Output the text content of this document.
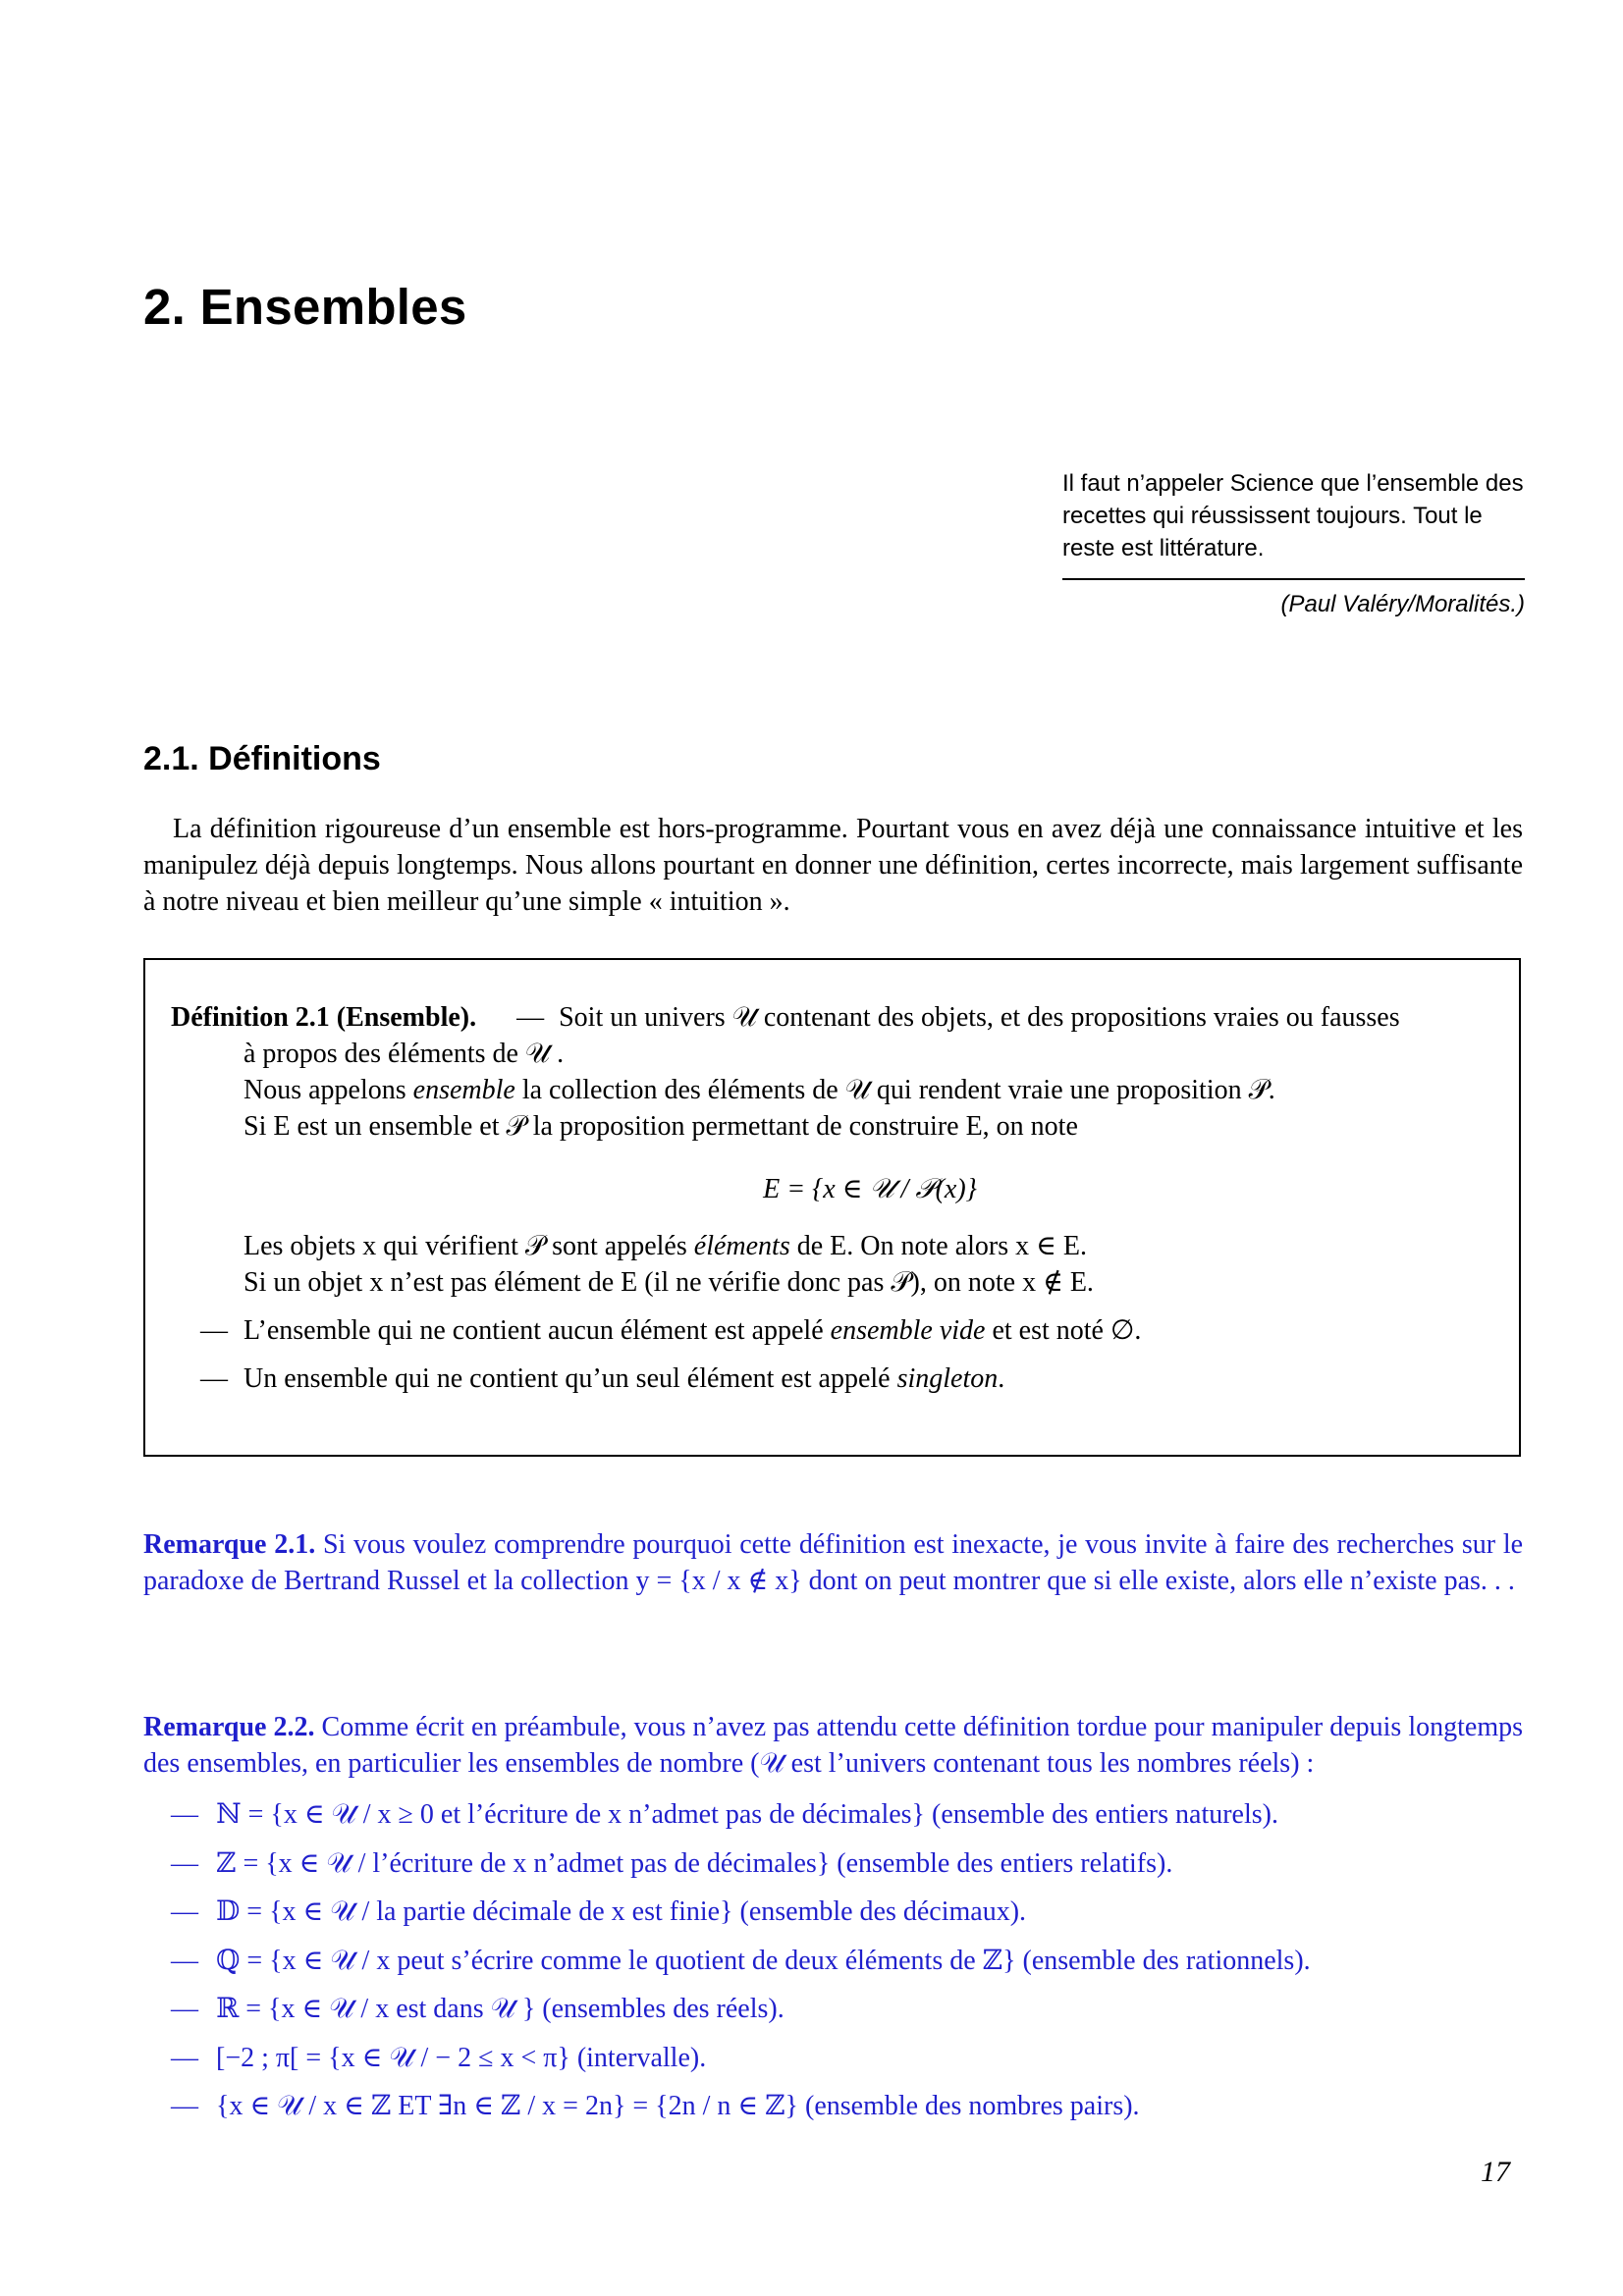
2. Ensembles
Il faut n’appeler Science que l’ensemble des recettes qui réussissent toujours. Tout le reste est littérature.
(Paul Valéry/Moralités.)
2.1. Définitions

La définition rigoureuse d’un ensemble est hors-programme. Pourtant vous en avez déjà une connaissance intuitive et les manipulez déjà depuis longtemps. Nous allons pourtant en donner une définition, certes incorrecte, mais largement suffisante à notre niveau et bien meilleur qu’une simple « intuition ».

Définition 2.1 (Ensemble). — Soit un univers 𝒰 contenant des objets, et des propositions vraies ou fausses

à propos des éléments de 𝒰 .

Nous appelons ensemble la collection des éléments de 𝒰 qui rendent vraie une proposition 𝒫.

Si E est un ensemble et 𝒫 la proposition permettant de construire E, on note

E = {x ∈ 𝒰 / 𝒫(x)}

Les objets x qui vérifient 𝒫 sont appelés éléments de E. On note alors x ∈ E.

Si un objet x n’est pas élément de E (il ne vérifie donc pas 𝒫), on note x ∉ E.

— L’ensemble qui ne contient aucun élément est appelé ensemble vide et est noté ∅.

— Un ensemble qui ne contient qu’un seul élément est appelé singleton.

Remarque 2.1. Si vous voulez comprendre pourquoi cette définition est inexacte, je vous invite à faire des recherches sur le paradoxe de Bertrand Russel et la collection y = {x / x ∉ x} dont on peut montrer que si elle existe, alors elle n’existe pas. . .

Remarque 2.2. Comme écrit en préambule, vous n’avez pas attendu cette définition tordue pour manipuler depuis longtemps des ensembles, en particulier les ensembles de nombre (𝒰 est l’univers contenant tous les nombres réels) :

— ℕ = {x ∈ 𝒰 / x ≥ 0 et l’écriture de x n’admet pas de décimales} (ensemble des entiers naturels).
— ℤ = {x ∈ 𝒰 / l’écriture de x n’admet pas de décimales} (ensemble des entiers relatifs).
— 𝔻 = {x ∈ 𝒰 / la partie décimale de x est finie} (ensemble des décimaux).
— ℚ = {x ∈ 𝒰 / x peut s’écrire comme le quotient de deux éléments de ℤ} (ensemble des rationnels).
— ℝ = {x ∈ 𝒰 / x est dans 𝒰 } (ensembles des réels).
— [−2 ; π[ = {x ∈ 𝒰 / − 2 ≤ x < π} (intervalle).
— {x ∈ 𝒰 / x ∈ ℤ ET ∃n ∈ ℤ / x = 2n} = {2n / n ∈ ℤ} (ensemble des nombres pairs).
17
